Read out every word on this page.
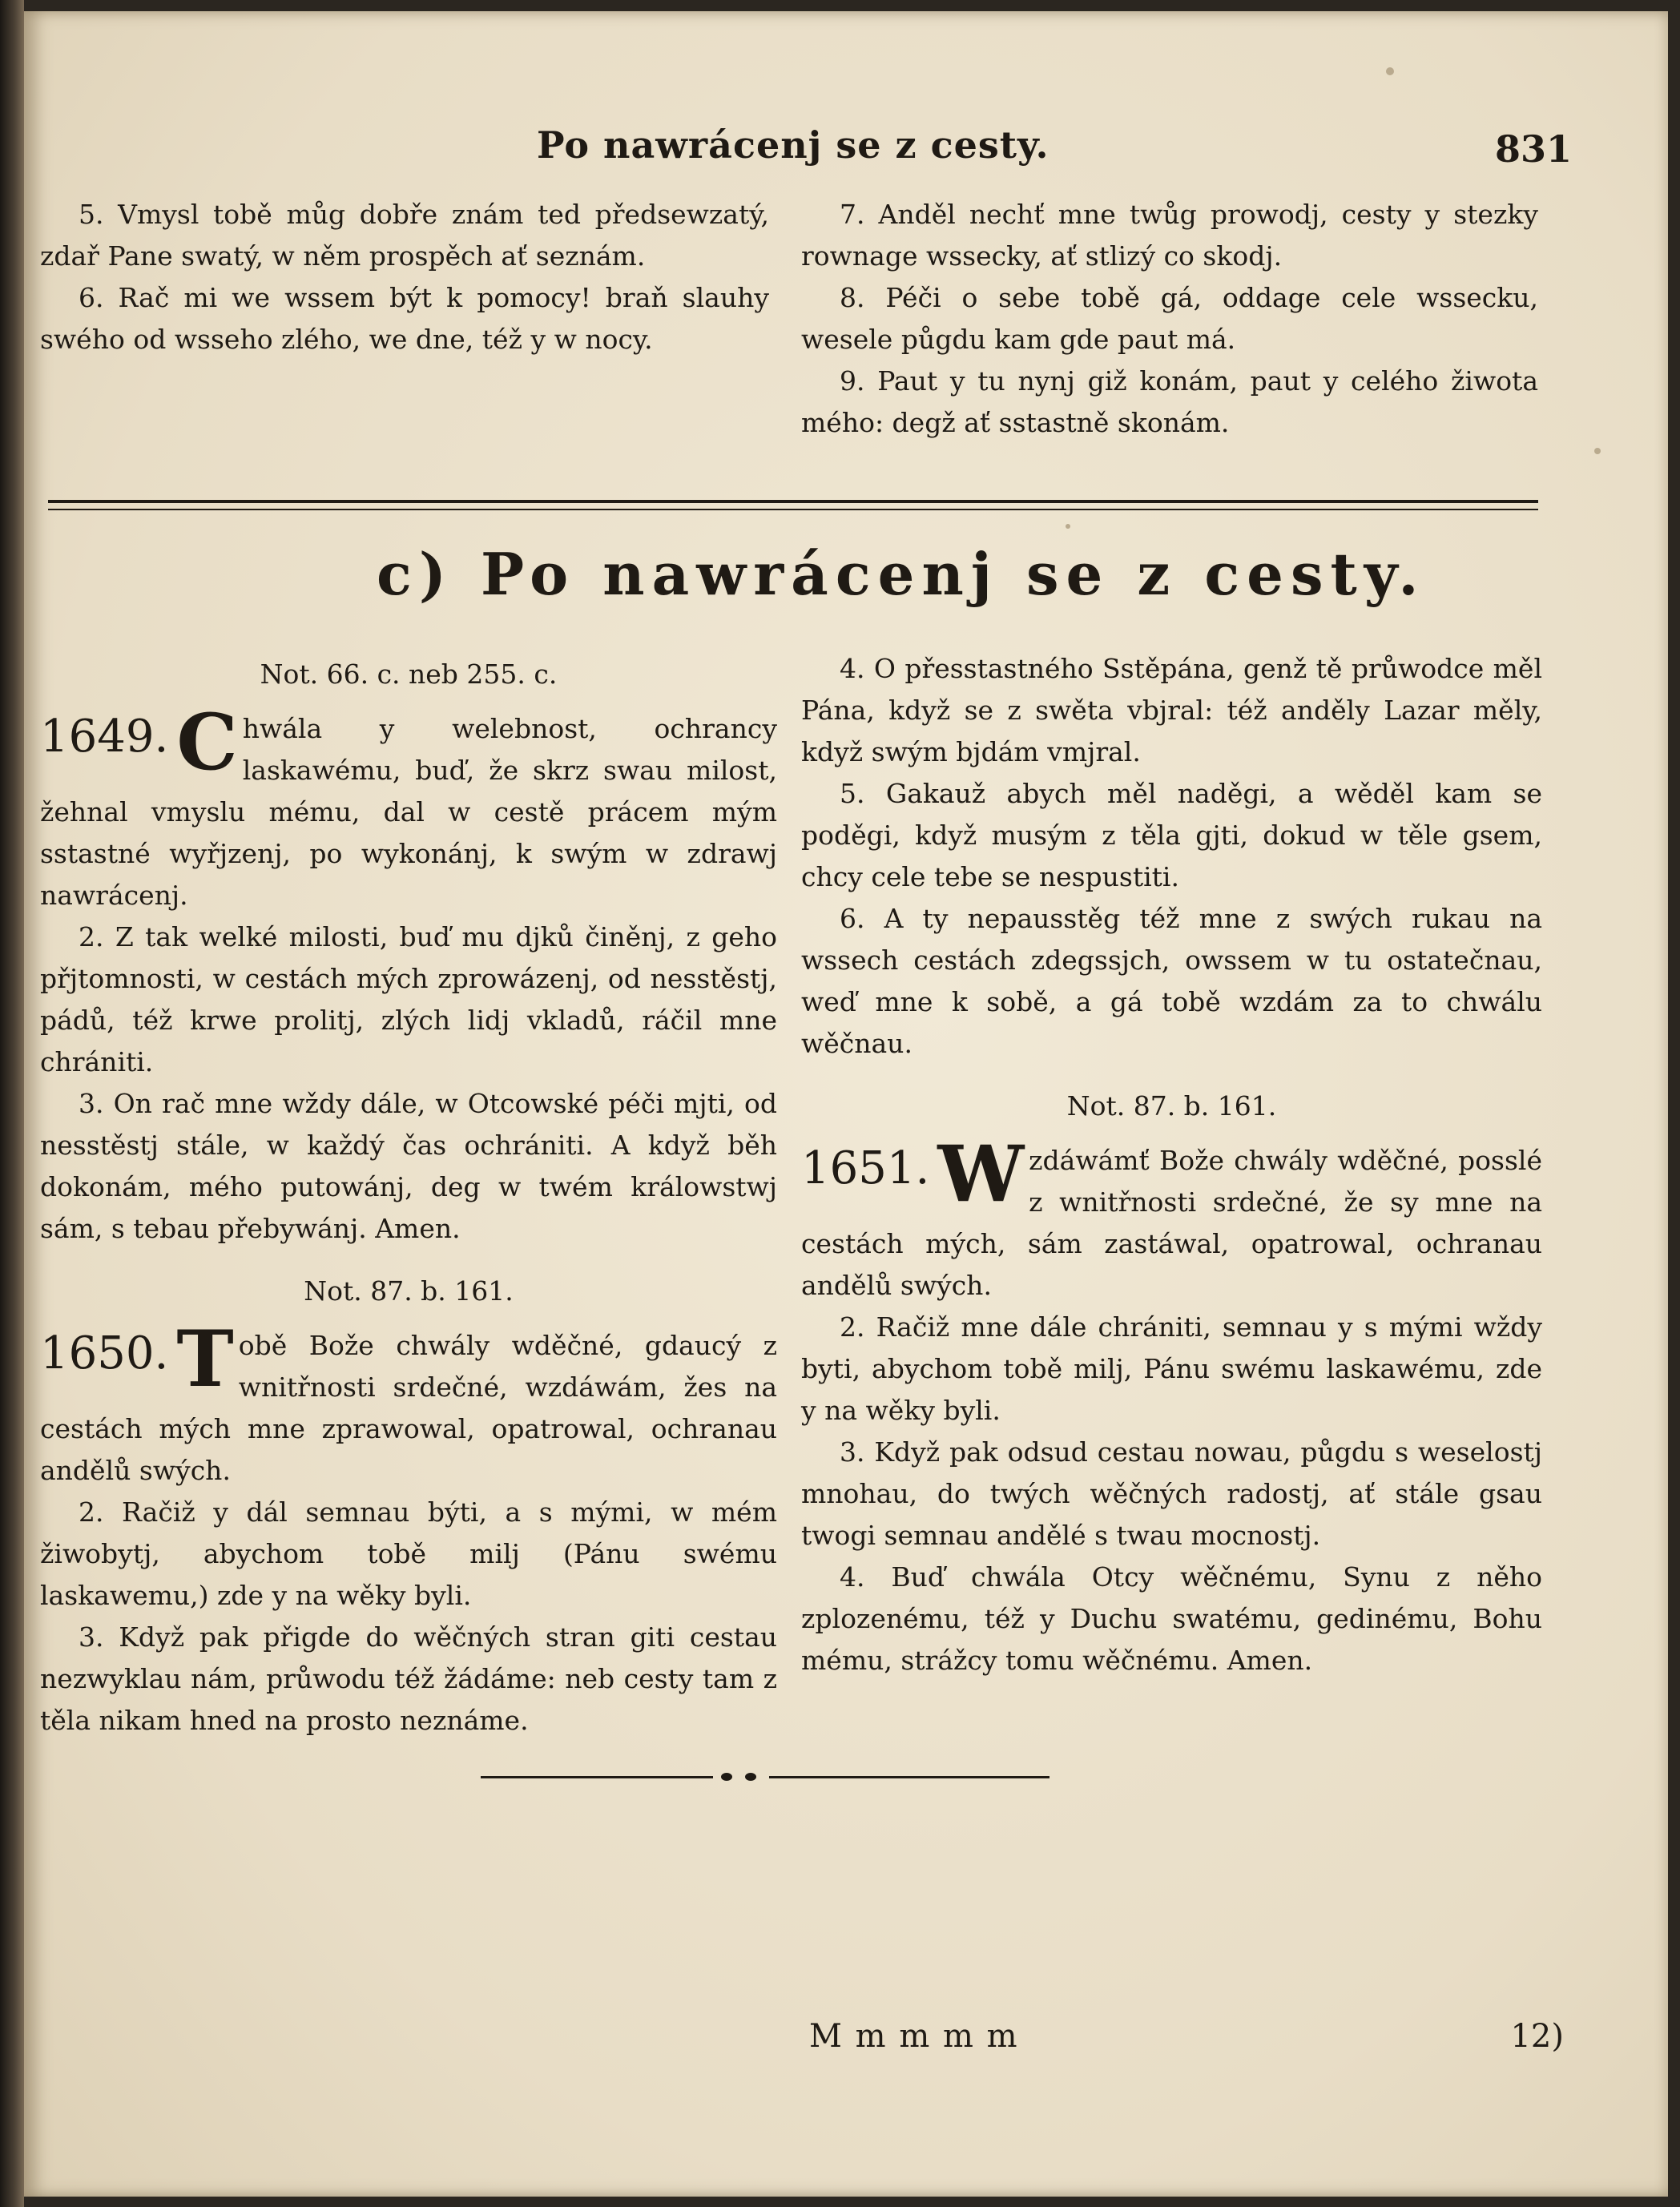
Po nawrácenj se z cesty.	831

5. Vmysl tobě můg dobře znám ted předsewzatý, zdař Pane swatý, w něm prospěch ať seznám.

6. Rač mi we wssem být k pomocy! braň slauhy swého od wsseho zlého, we dne, též y w nocy.

7. Anděl nechť mne twůg prowodj, cesty y stezky rownage wssecky, ať stlizý co skodj.

8. Péči o sebe tobě gá, oddage cele wssecku, wesele půgdu kam gde paut má.

9. Paut y tu nynj giž konám, paut y celého žiwota mého: degž ať sstastně skonám.

c) Po nawrácenj se z cesty.

Not. 66. c. neb 255. c.

1649. C hwála y welebnost, ochrancy laskawému, buď, že skrz swau milost, žehnal vmyslu mému, dal w cestě prácem mým sstastné wyřjzenj, po wykonánj, k swým w zdrawj nawrácenj.

2. Z tak welké milosti, buď mu djků činěnj, z geho přjtomnosti, w cestách mých zprowázenj, od nesstěstj, pádů, též krwe prolitj, zlých lidj vkladů, ráčil mne chrániti.

3. On rač mne wždy dále, w Otcowské péči mjti, od nesstěstj stále, w každý čas ochrániti. A když běh dokonám, mého putowánj, deg w twém králowstwj sám, s tebau přebywánj. Amen.

Not. 87. b. 161.

1650. T obě Bože chwály wděčné, gdaucý z wnitřnosti srdečné, wzdáwám, žes na cestách mých mne zprawowal, opatrowal, ochranau andělů swých.

2. Račiž y dál semnau býti, a s mými, w mém žiwobytj, abychom tobě milj (Pánu swému laskawemu,) zde y na wěky byli.

3. Když pak přigde do wěčných stran giti cestau nezwyklau nám, průwodu též žádáme: neb cesty tam z těla nikam hned na prosto neznáme.

4. O přesstastného Sstěpána, genž tě průwodce měl Pána, když se z swěta vbjral: též anděly Lazar měly, když swým bjdám vmjral.

5. Gakauž abych měl naděgi, a wěděl kam se poděgi, když musým z těla gjti, dokud w těle gsem, chcy cele tebe se nespustiti.

6. A ty nepausstěg též mne z swých rukau na wssech cestách zdegssjch, owssem w tu ostatečnau, weď mne k sobě, a gá tobě wzdám za to chwálu wěčnau.

Not. 87. b. 161.

1651. W zdáwámť Bože chwály wděčné, posslé z wnitřnosti srdečné, že sy mne na cestách mých, sám zastáwal, opatrowal, ochranau andělů swých.

2. Račiž mne dále chrániti, semnau y s mými wždy byti, abychom tobě milj, Pánu swému laskawému, zde y na wěky byli.

3. Když pak odsud cestau nowau, půgdu s weselostj mnohau, do twých wěčných radostj, ať stále gsau twogi semnau andělé s twau mocnostj.

4. Buď chwála Otcy wěčnému, Synu z něho zplozenému, též y Duchu swatému, gedinému, Bohu mému, strážcy tomu wěčnému. Amen.

M m m m m	12)
